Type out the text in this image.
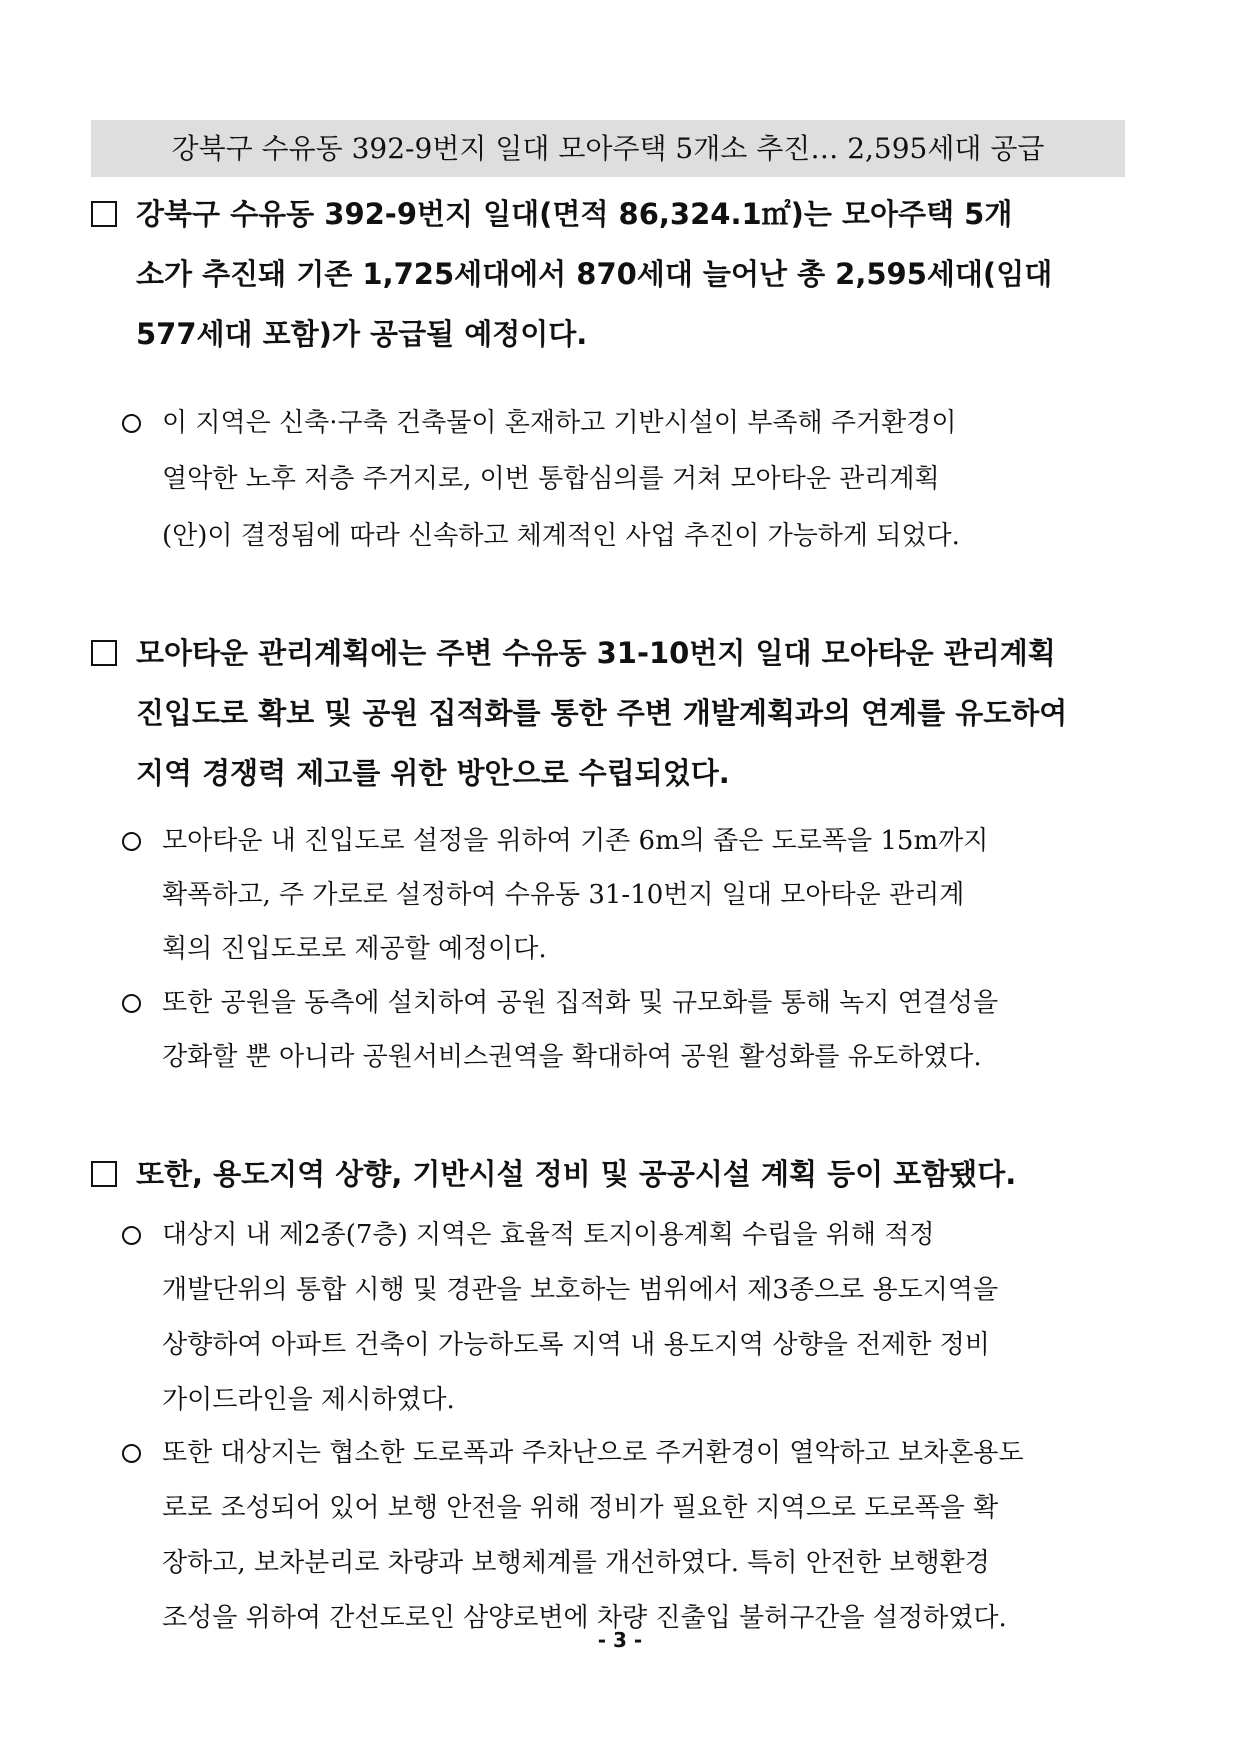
강북구 수유동 392-9번지 일대 모아주택 5개소 추진… 2,595세대 공급
강북구 수유동 392-9번지 일대(면적 86,324.1㎡)는 모아주택 5개
소가 추진돼 기존 1,725세대에서 870세대 늘어난 총 2,595세대(임대
577세대 포함)가 공급될 예정이다.
이 지역은 신축·구축 건축물이 혼재하고 기반시설이 부족해 주거환경이
열악한 노후 저층 주거지로, 이번 통합심의를 거쳐 모아타운 관리계획
(안)이 결정됨에 따라 신속하고 체계적인 사업 추진이 가능하게 되었다.
모아타운 관리계획에는 주변 수유동 31-10번지 일대 모아타운 관리계획
진입도로 확보 및 공원 집적화를 통한 주변 개발계획과의 연계를 유도하여
지역 경쟁력 제고를 위한 방안으로 수립되었다.
모아타운 내 진입도로 설정을 위하여 기존 6m의 좁은 도로폭을 15m까지
확폭하고, 주 가로로 설정하여 수유동 31-10번지 일대 모아타운 관리계
획의 진입도로로 제공할 예정이다.
또한 공원을 동측에 설치하여 공원 집적화 및 규모화를 통해 녹지 연결성을
강화할 뿐 아니라 공원서비스권역을 확대하여 공원 활성화를 유도하였다.
또한, 용도지역 상향, 기반시설 정비 및 공공시설 계획 등이 포함됐다.
대상지 내 제2종(7층) 지역은 효율적 토지이용계획 수립을 위해 적정
개발단위의 통합 시행 및 경관을 보호하는 범위에서 제3종으로 용도지역을
상향하여 아파트 건축이 가능하도록 지역 내 용도지역 상향을 전제한 정비
가이드라인을 제시하였다.
또한 대상지는 협소한 도로폭과 주차난으로 주거환경이 열악하고 보차혼용도
로로 조성되어 있어 보행 안전을 위해 정비가 필요한 지역으로 도로폭을 확
장하고, 보차분리로 차량과 보행체계를 개선하였다. 특히 안전한 보행환경
조성을 위하여 간선도로인 삼양로변에 차량 진출입 불허구간을 설정하였다.
- 3 -
